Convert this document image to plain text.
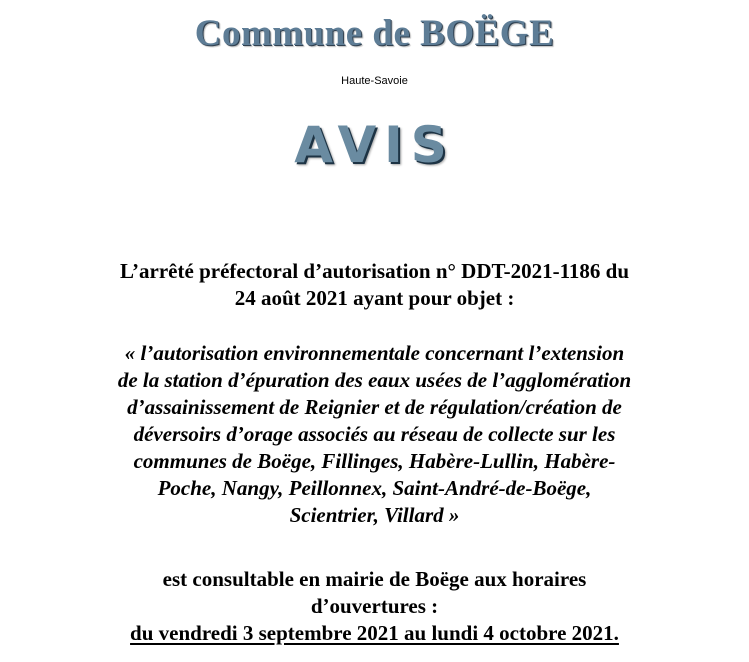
Commune de BOËGE
Haute-Savoie
AVIS
L’arrêté préfectoral d’autorisation n° DDT-2021-1186 du
24 août 2021 ayant pour objet :
« l’autorisation environnementale concernant l’extension
de la station d’épuration des eaux usées de l’agglomération
d’assainissement de Reignier et de régulation/création de
déversoirs d’orage associés au réseau de collecte sur les
communes de Boëge, Fillinges, Habère-Lullin, Habère-
Poche, Nangy, Peillonnex, Saint-André-de-Boëge,
Scientrier, Villard »
est consultable en mairie de Boëge aux horaires
d’ouvertures :
du vendredi 3 septembre 2021 au lundi 4 octobre 2021.
